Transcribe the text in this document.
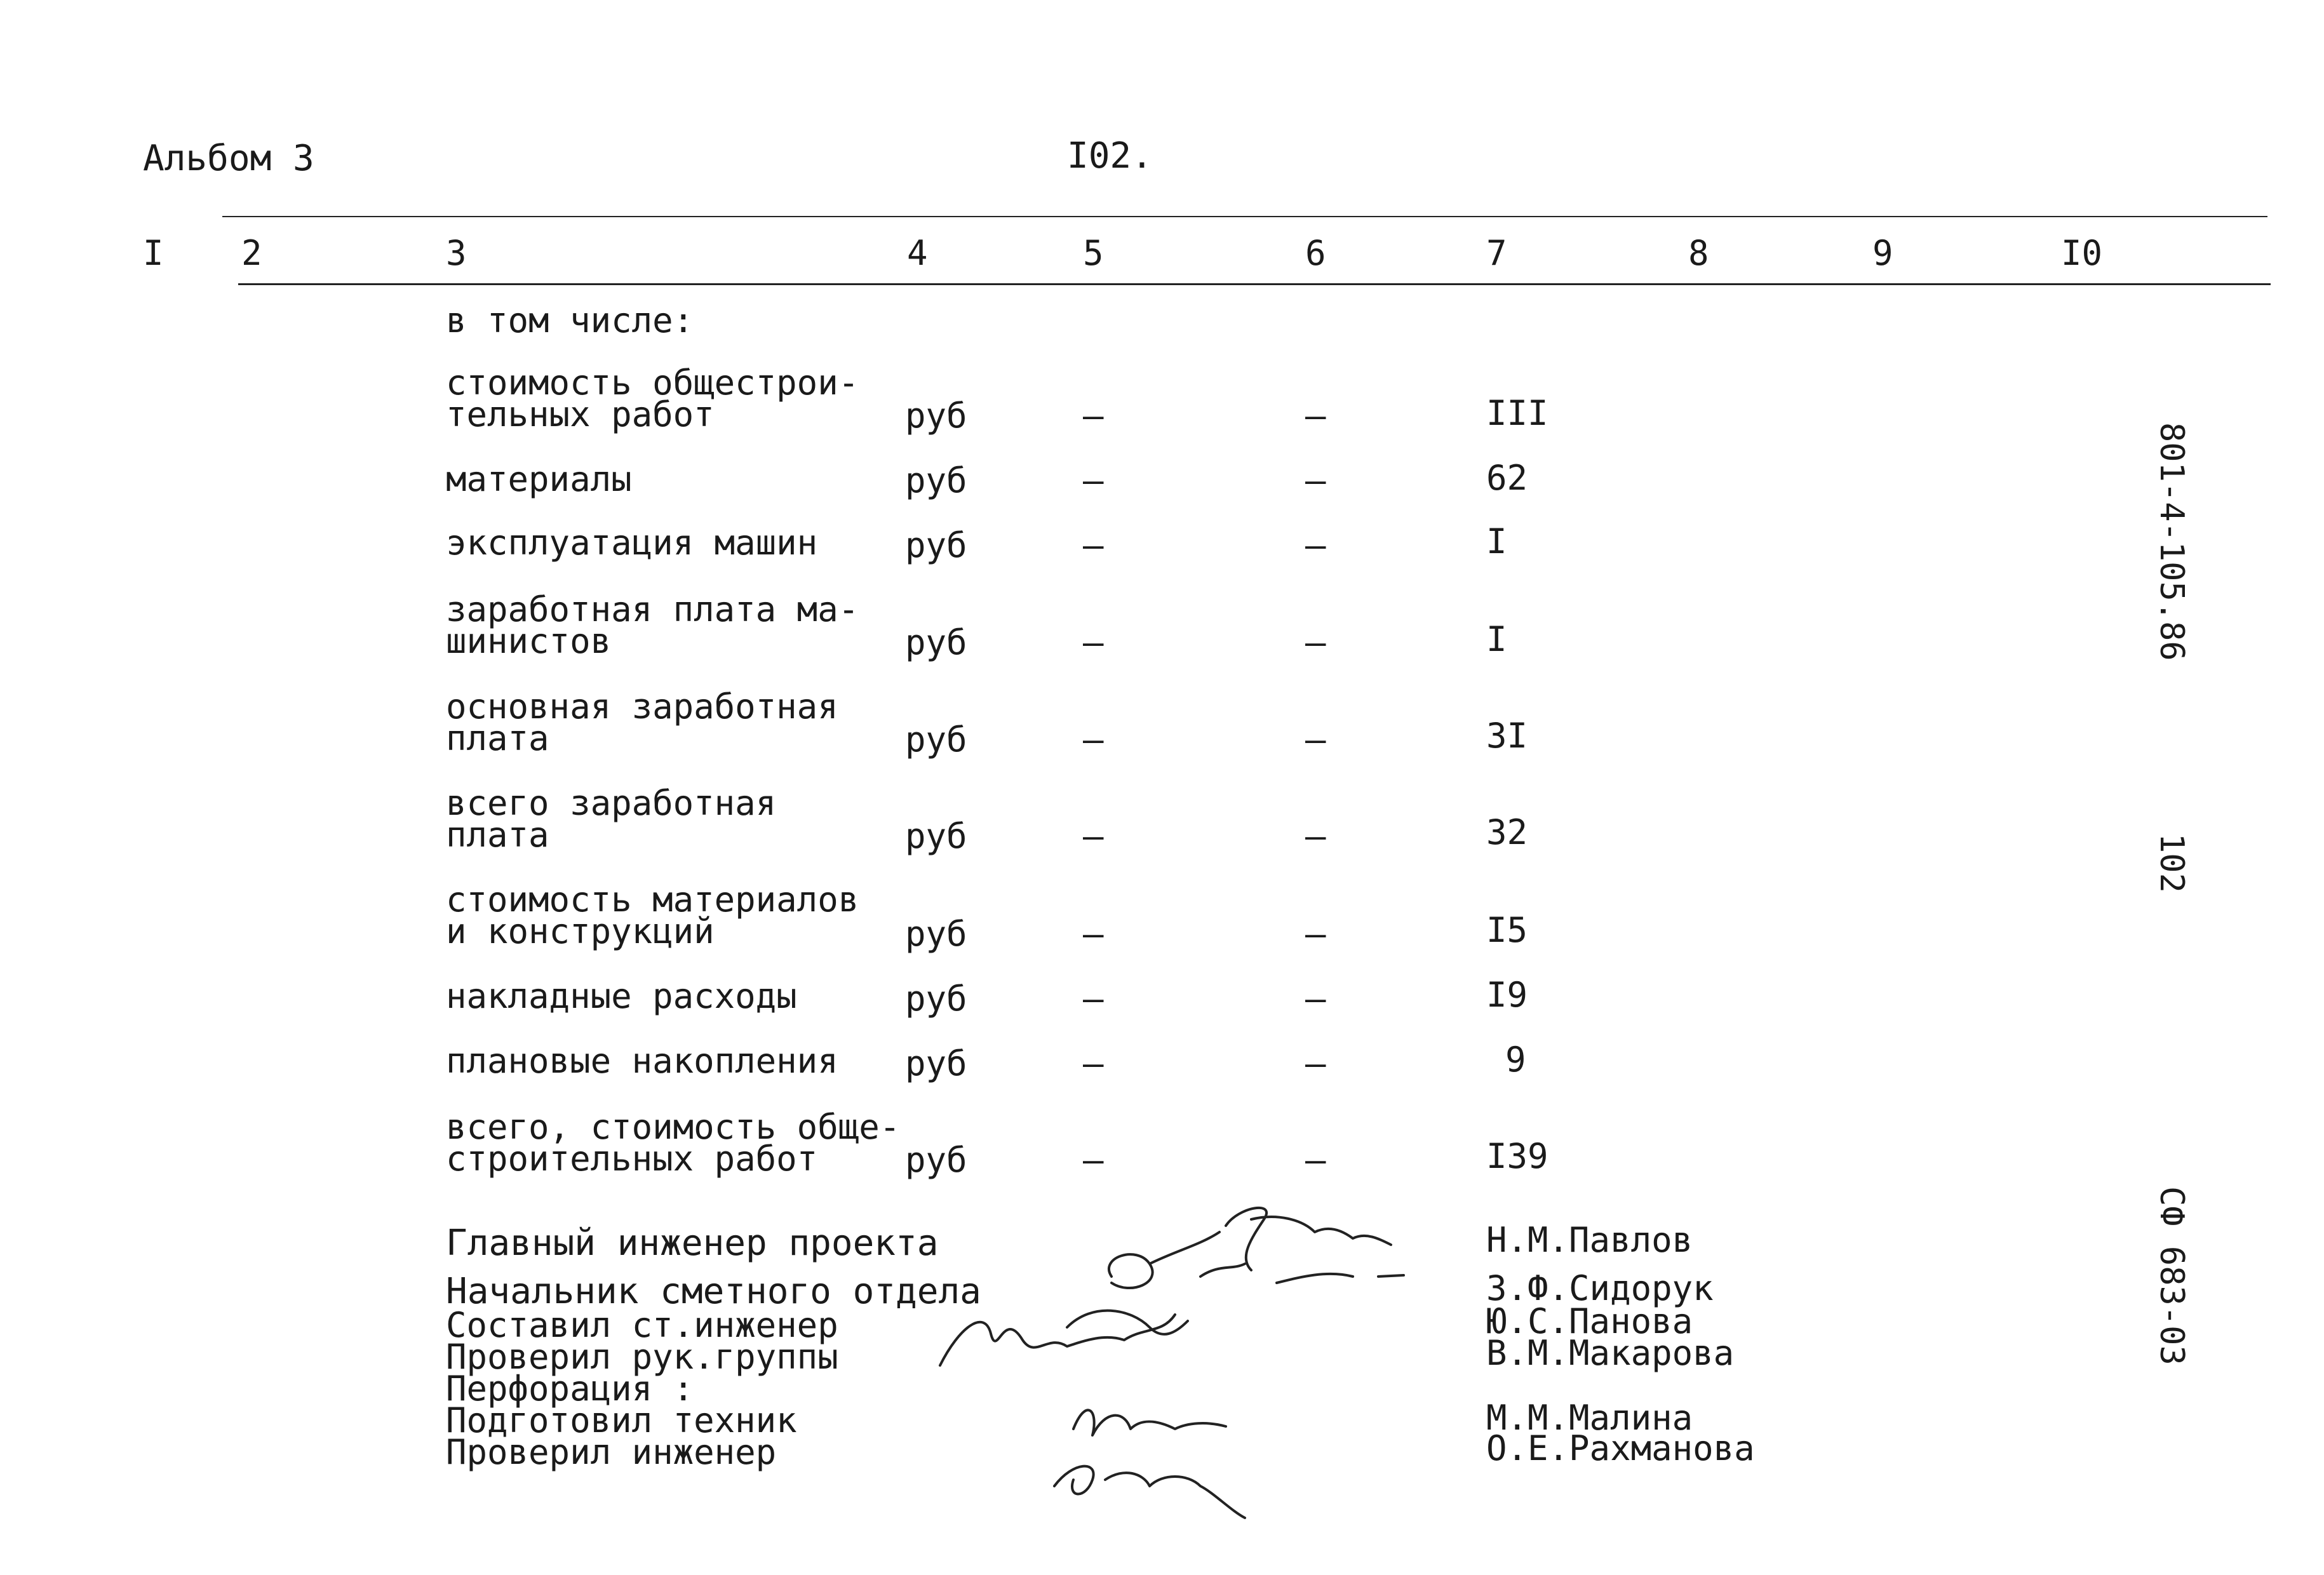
Альбом 3	I02.
I 2	3	4	5	6	7	8	9	I0
в том числе:
стоимость общестрои-
тельных работ	руб	–	–	III
материалы	руб	–	–	62
эксплуатация машин	руб	–	–	I
заработная плата ма-
шинистов	руб	–	–	I
основная заработная
плата	руб	–	–	3I
всего заработная
плата	руб	–	–	32
стоимость материалов
и конструкций	руб	–	–	I5
накладные расходы	руб	–	–	I9
плановые накопления руб	–	–	9
всего, стоимость обще-
строительных работ	руб	–	–	I39
Главный инженер проекта	Н.М.Павлов
Начальник сметного отдела	З.Ф.Сидорук
Составил ст.инженер	Ю.С.Панова
Проверил рук.группы	В.М.Макарова
Перфорация :
Подготовил техник	М.М.Малина
Проверил инженер	О.Е.Рахманова
801-4-105.86
102
СФ 683-03
